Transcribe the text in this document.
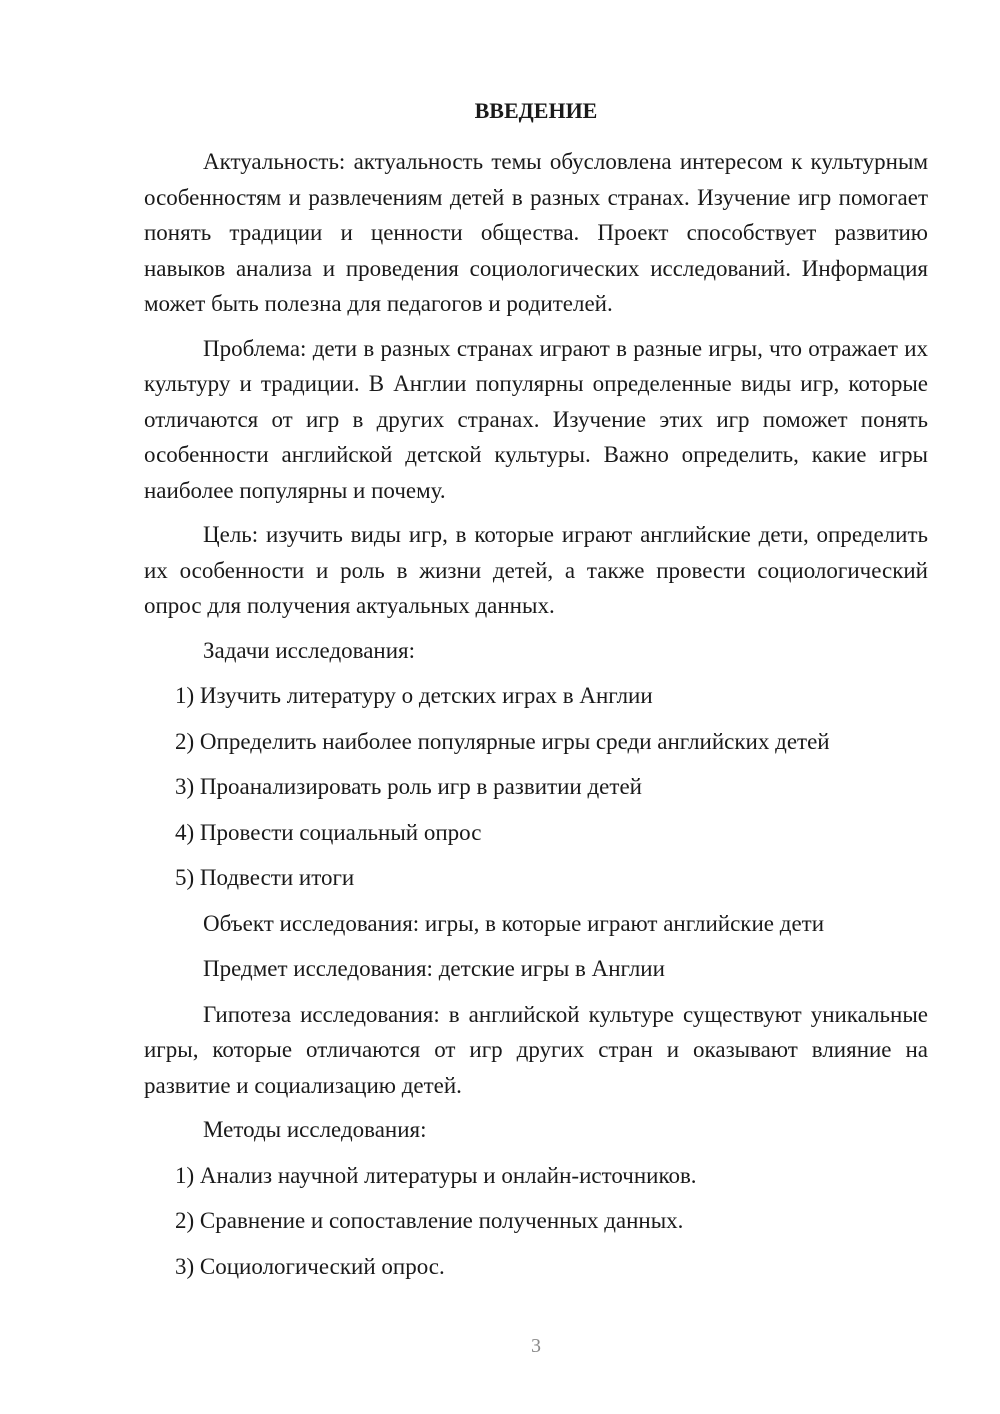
ВВЕДЕНИЕ

Актуальность: актуальность темы обусловлена интересом к культурным особенностям и развлечениям детей в разных странах. Изучение игр помогает понять традиции и ценности общества. Проект способствует развитию навыков анализа и проведения социологических исследований. Информация может быть полезна для педагогов и родителей.

Проблема: дети в разных странах играют в разные игры, что отражает их культуру и традиции. В Англии популярны определенные виды игр, которые отличаются от игр в других странах. Изучение этих игр поможет понять особенности английской детской культуры. Важно определить, какие игры наиболее популярны и почему.

Цель: изучить виды игр, в которые играют английские дети, определить их особенности и роль в жизни детей, а также провести социологический опрос для получения актуальных данных.

Задачи исследования:
1) Изучить литературу о детских играх в Англии
2) Определить наиболее популярные игры среди английских детей
3) Проанализировать роль игр в развитии детей
4) Провести социальный опрос
5) Подвести итоги
Объект исследования: игры, в которые играют английские дети
Предмет исследования: детские игры в Англии

Гипотеза исследования: в английской культуре существуют уникальные игры, которые отличаются от игр других стран и оказывают влияние на развитие и социализацию детей.

Методы исследования:
1) Анализ научной литературы и онлайн-источников.
2) Сравнение и сопоставление полученных данных.
3) Социологический опрос.
3
